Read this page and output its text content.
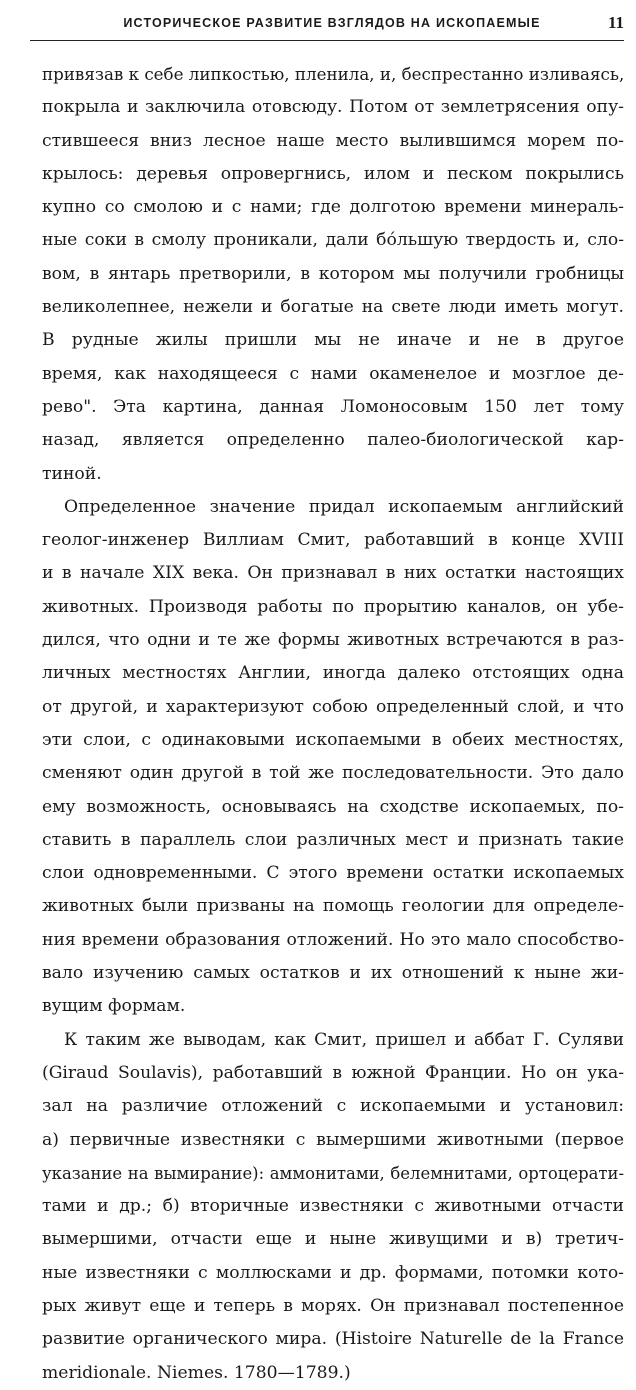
ИСТОРИЧЕСКОЕ РАЗВИТИЕ ВЗГЛЯДОВ НА ИСКОПАЕМЫЕ	11
привязав к себе липкостью, пленила, и, беспрестанно изливаясь,
покрыла и заключила отовсюду. Потом от землетрясения опу-
стившееся вниз лесное наше место вылившимся морем по-
крылось: деревья опровергнись, илом и песком покрылись
купно со смолою и с нами; где долготою времени минераль-
ные соки в смолу проникали, дали бо́льшую твердость и, сло-
вом, в янтарь претворили, в котором мы получили гробницы
великолепнее, нежели и богатые на свете люди иметь могут.
В рудные жилы пришли мы не иначе и не в другое
время, как находящееся с нами окаменелое и мозглое де-
рево". Эта картина, данная Ломоносовым 150 лет тому
назад, является определенно палео-биологической кар-
тиной.
Определенное значение придал ископаемым английский
геолог-инженер Виллиам Смит, работавший в конце XVIII
и в начале XIX века. Он признавал в них остатки настоящих
животных. Производя работы по прорытию каналов, он убе-
дился, что одни и те же формы животных встречаются в раз-
личных местностях Англии, иногда далеко отстоящих одна
от другой, и характеризуют собою определенный слой, и что
эти слои, с одинаковыми ископаемыми в обеих местностях,
сменяют один другой в той же последовательности. Это дало
ему возможность, основываясь на сходстве ископаемых, по-
ставить в параллель слои различных мест и признать такие
слои одновременными. С этого времени остатки ископаемых
животных были призваны на помощь геологии для определе-
ния времени образования отложений. Но это мало способство-
вало изучению самых остатков и их отношений к ныне жи-
вущим формам.
К таким же выводам, как Смит, пришел и аббат Г. Суляви
(Giraud Soulavis), работавший в южной Франции. Но он ука-
зал на различие отложений с ископаемыми и установил:
а) первичные известняки с вымершими животными (первое
указание на вымирание): аммонитами, белемнитами, ортоцерати-
тами и др.; б) вторичные известняки с животными отчасти
вымершими, отчасти еще и ныне живущими и в) третич-
ные известняки с моллюсками и др. формами, потомки кото-
рых живут еще и теперь в морях. Он признавал постепенное
развитие органического мира. (Histoire Naturelle de la France
meridionale. Niemes. 1780—1789.)
